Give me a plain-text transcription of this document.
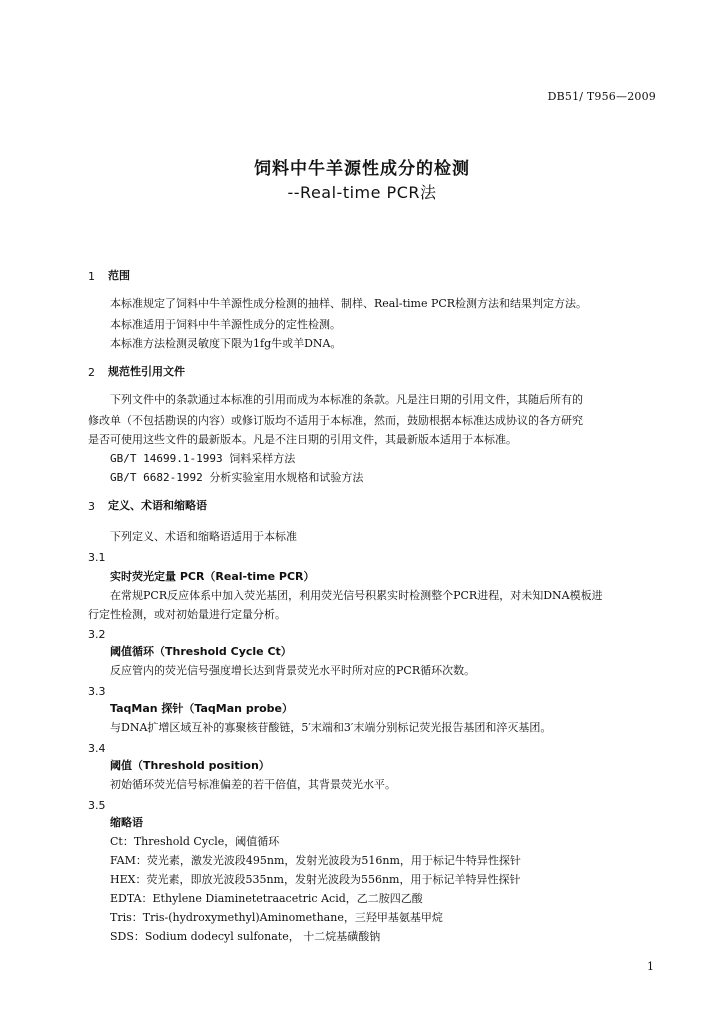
DB51/ T956—2009
饲料中牛羊源性成分的检测
--Real-time PCR法
1 范围
本标准规定了饲料中牛羊源性成分检测的抽样、制样、Real-time PCR检测方法和结果判定方法。
本标准适用于饲料中牛羊源性成分的定性检测。
本标准方法检测灵敏度下限为1fg牛或羊DNA。
2 规范性引用文件
下列文件中的条款通过本标准的引用而成为本标准的条款。凡是注日期的引用文件，其随后所有的
修改单（不包括勘误的内容）或修订版均不适用于本标准，然而，鼓励根据本标准达成协议的各方研究
是否可使用这些文件的最新版本。凡是不注日期的引用文件，其最新版本适用于本标准。
GB/T 14699.1-1993 饲料采样方法
GB/T 6682-1992 分析实验室用水规格和试验方法
3 定义、术语和缩略语
下列定义、术语和缩略语适用于本标准
3.1
实时荧光定量 PCR（Real-time PCR）
在常规PCR反应体系中加入荧光基团，利用荧光信号积累实时检测整个PCR进程，对未知DNA模板进
行定性检测，或对初始量进行定量分析。
3.2
阈值循环（Threshold Cycle Ct）
反应管内的荧光信号强度增长达到背景荧光水平时所对应的PCR循环次数。
3.3
TaqMan 探针（TaqMan probe）
与DNA扩增区域互补的寡聚核苷酸链，5′末端和3′末端分别标记荧光报告基团和淬灭基团。
3.4
阈值（Threshold position）
初始循环荧光信号标准偏差的若干倍值，其背景荧光水平。
3.5
缩略语
Ct：Threshold Cycle，阈值循环
FAM：荧光素，激发光波段495nm，发射光波段为516nm，用于标记牛特异性探针
HEX：荧光素，即放光波段535nm，发射光波段为556nm，用于标记羊特异性探针
EDTA：Ethylene Diaminetetraacetric Acid，乙二胺四乙酸
Tris：Tris-(hydroxymethyl)Aminomethane，三羟甲基氨基甲烷
SDS：Sodium dodecyl sulfonate， 十二烷基磺酸钠
1
